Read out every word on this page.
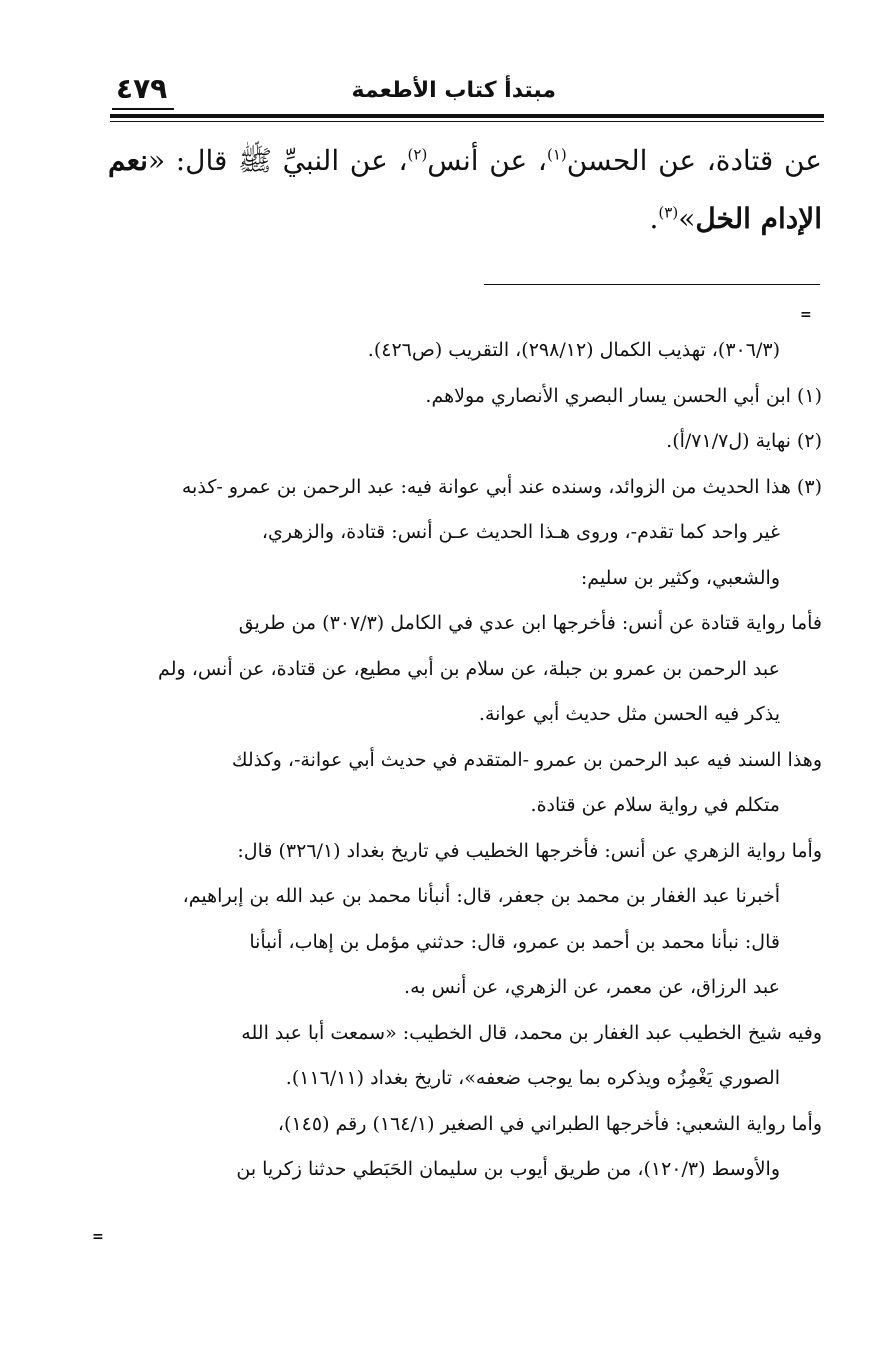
مبتدأ كتاب الأطعمة
٤٧٩
عن قتادة، عن الحسن$^{(١)}$، عن أنس$^{(٢)}$، عن النبيِّ ﷺ قال: «نعم الإدام الخل»$^{(٣)}$.
=

(٣٠٦/٣)، تهذيب الكمال (٢٩٨/١٢)، التقريب (ص٤٢٦).

(١) ابن أبي الحسن يسار البصري الأنصاري مولاهم.

(٢) نهاية (ل٧١/٧/أ).

(٣) هذا الحديث من الزوائد، وسنده عند أبي عوانة فيه: عبد الرحمن بن عمرو -كذبه

غير واحد كما تقدم-، وروى هـذا الحديث عـن أنس: قتادة، والزهري،

والشعبي، وكثير بن سليم:

فأما رواية قتادة عن أنس: فأخرجها ابن عدي في الكامل (٣٠٧/٣) من طريق

عبد الرحمن بن عمرو بن جبلة، عن سلام بن أبي مطيع، عن قتادة، عن أنس، ولم

يذكر فيه الحسن مثل حديث أبي عوانة.

وهذا السند فيه عبد الرحمن بن عمرو -المتقدم في حديث أبي عوانة-، وكذلك

متكلم في رواية سلام عن قتادة.

وأما رواية الزهري عن أنس: فأخرجها الخطيب في تاريخ بغداد (٣٢٦/١) قال:

أخبرنا عبد الغفار بن محمد بن جعفر، قال: أنبأنا محمد بن عبد الله بن إبراهيم،

قال: نبأنا محمد بن أحمد بن عمرو، قال: حدثني مؤمل بن إهاب، أنبأنا

عبد الرزاق، عن معمر، عن الزهري، عن أنس به.

وفيه شيخ الخطيب عبد الغفار بن محمد، قال الخطيب: «سمعت أبا عبد الله

الصوري يَغْمِزُه ويذكره بما يوجب ضعفه»، تاريخ بغداد (١١٦/١١).

وأما رواية الشعبي: فأخرجها الطبراني في الصغير (١٦٤/١) رقم (١٤٥)،

والأوسط (١٢٠/٣)، من طريق أيوب بن سليمان الحَبَطي حدثنا زكريا بن

=
